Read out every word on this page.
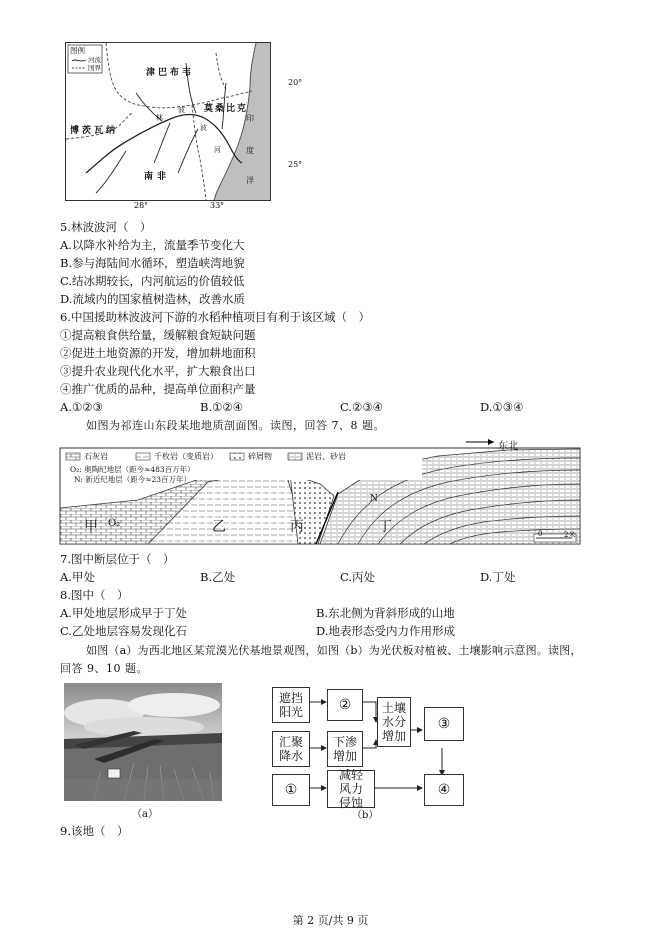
图例
河流
国界	津巴布韦
博茨瓦纳
莫桑比克
南非
林
波
波
河
印
度
洋
20°
25°
28°	33°
5.林波波河（　）
A.以降水补给为主，流量季节变化大
B.参与海陆间水循环，塑造峡湾地貌
C.结冰期较长，内河航运的价值较低
D.流域内的国家植树造林，改善水质
6.中国援助林波波河下游的水稻种植项目有利于该区域（　）
①提高粮食供给量，缓解粮食短缺问题
②促进土地资源的开发，增加耕地面积
③提升农业现代化水平，扩大粮食出口
④推广优质的品种，提高单位面积产量
A.①②③	B.①②④	C.②③④	D.①③④
如图为祁连山东段某地地质剖面图。读图，回答 7、8 题。
东北
石灰岩	千枚岩（变质岩）	碎屑物	泥岩、砂岩
O₂: 奥陶纪地层（距今≈483百万年）
N: 新近纪地层（距今≈23百万年）
甲 O₂	乙	丙	丁
N
0	2米
7.图中断层位于（　）
A.甲处	B.乙处	C.丙处	D.丁处
8.图中（　）
A.甲处地层形成早于丁处	B.东北侧为背斜形成的山地
C.乙处地层容易发现化石	D.地表形态受内力作用形成
如图（a）为西北地区某荒漠光伏基地景观图，如图（b）为光伏板对植被、土壤影响示意图。读图，
回答 9、10 题。
（a）
遮挡
阳光	②	土壤
水分
增加
③
汇聚
降水
下渗
增加
①
减轻
风力
侵蚀
④
（b）
9.该地（　）
第 2 页/共 9 页
